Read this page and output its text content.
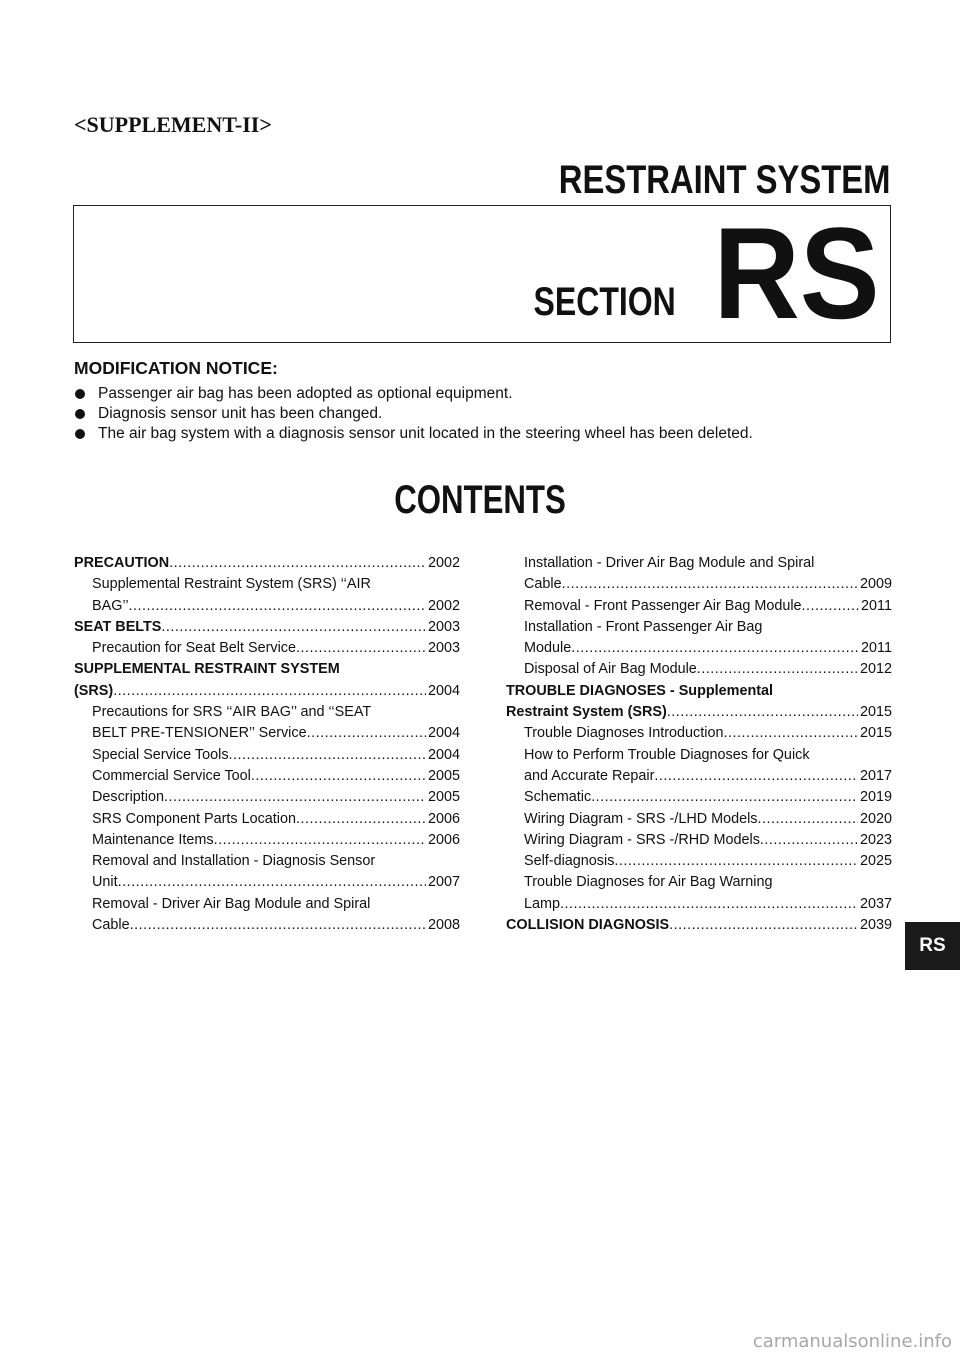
<SUPPLEMENT-II>
RESTRAINT SYSTEM
SECTION RS
MODIFICATION NOTICE:
Passenger air bag has been adopted as optional equipment.
Diagnosis sensor unit has been changed.
The air bag system with a diagnosis sensor unit located in the steering wheel has been deleted.
CONTENTS
PRECAUTION .....	2002
Supplemental Restraint System (SRS) ‘‘AIR
BAG’’ .....	2002
SEAT BELTS .....	2003
Precaution for Seat Belt Service .....	2003
SUPPLEMENTAL RESTRAINT SYSTEM
(SRS) .....	2004
Precautions for SRS ‘‘AIR BAG’’ and ‘‘SEAT
BELT PRE-TENSIONER’’ Service .....	2004
Special Service Tools .....	2004
Commercial Service Tool .....	2005
Description .....	2005
SRS Component Parts Location .....	2006
Maintenance Items .....	2006
Removal and Installation - Diagnosis Sensor
Unit .....	2007
Removal - Driver Air Bag Module and Spiral
Cable .....	2008
Installation - Driver Air Bag Module and Spiral
Cable .....	2009
Removal - Front Passenger Air Bag Module .....	2011
Installation - Front Passenger Air Bag
Module .....	2011
Disposal of Air Bag Module .....	2012
TROUBLE DIAGNOSES - Supplemental
Restraint System (SRS) .....	2015
Trouble Diagnoses Introduction .....	2015
How to Perform Trouble Diagnoses for Quick
and Accurate Repair .....	2017
Schematic .....	2019
Wiring Diagram - SRS -/LHD Models .....	2020
Wiring Diagram - SRS -/RHD Models .....	2023
Self-diagnosis .....	2025
Trouble Diagnoses for Air Bag Warning
Lamp .....	2037
COLLISION DIAGNOSIS .....	2039
RS
carmanualsonline.info
